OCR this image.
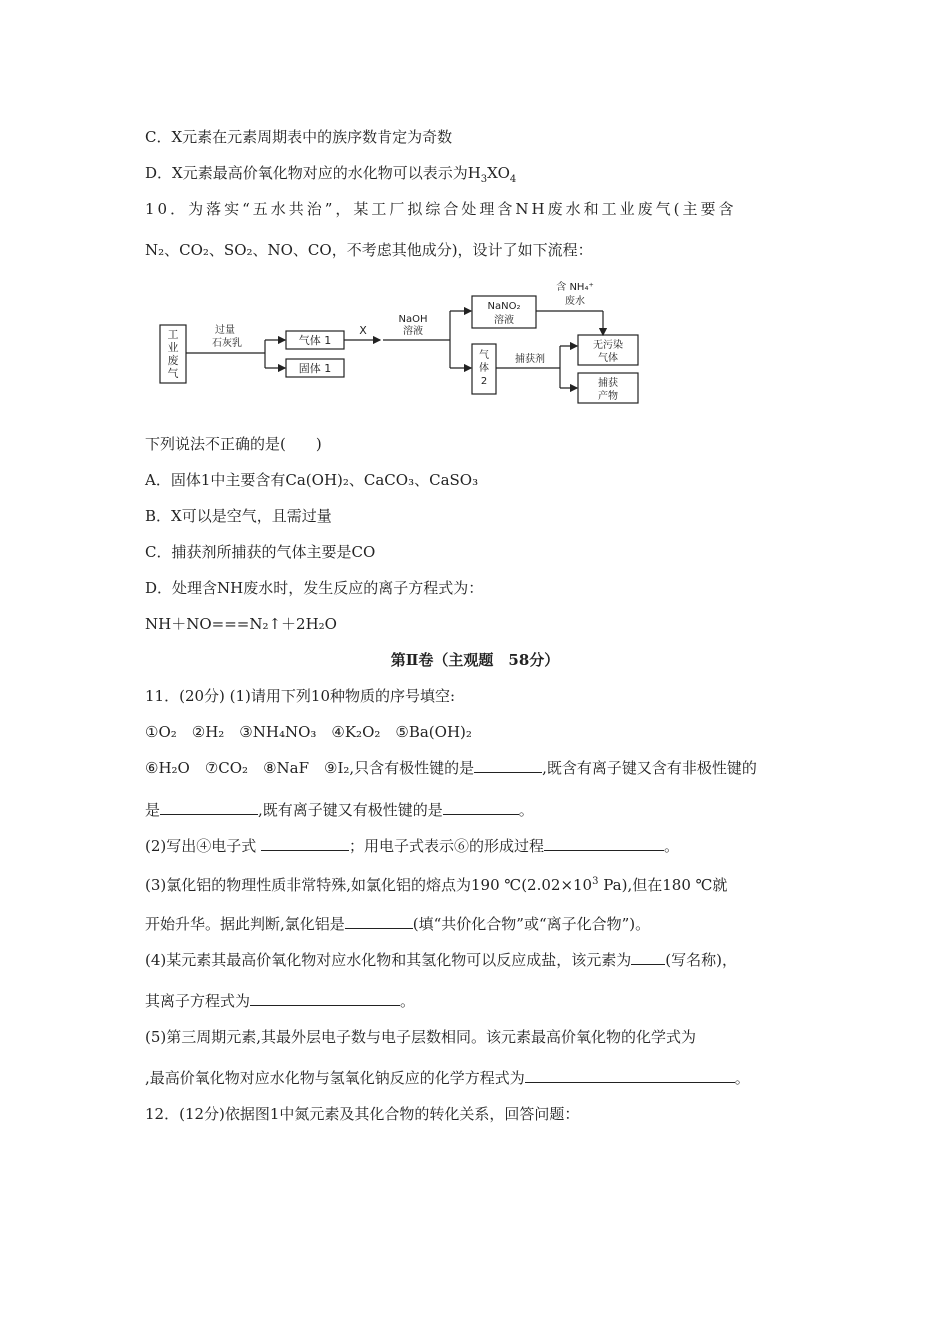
C．X元素在元素周期表中的族序数肯定为奇数
D．X元素最高价氧化物对应的水化物可以表示为$H_3XO_4$
10．为落实“五水共治”，某工厂拟综合处理含NH废水和工业废气(主要含
N₂、CO₂、SO₂、NO、CO，不考虑其他成分)，设计了如下流程：
工
业
废
气
过量
石灰乳	气体 1
固体 1
X
NaOH
溶液
NaNO₂
溶液
含 NH₄⁺
废水
气
体
2
捕获剂
无污染
气体
捕获
产物
下列说法不正确的是(　　)
A．固体1中主要含有Ca(OH)₂、CaCO₃、CaSO₃
B．X可以是空气，且需过量
C．捕获剂所捕获的气体主要是CO
D．处理含NH废水时，发生反应的离子方程式为：
NH＋NO===N₂↑＋2H₂O
第Ⅱ卷（主观题　58分）
11．(20分) (1)请用下列10种物质的序号填空:
①O₂　②H₂　③NH₄NO₃　④K₂O₂　⑤Ba(OH)₂
⑥H₂O　⑦CO₂　⑧NaF　⑨I₂,只含有极性键的是	,既含有离子键又含有非极性键的
是	,既有离子键又有极性键的是	。
(2)写出④电子式	；用电子式表示⑥的形成过程	。
(3)氯化铝的物理性质非常特殊,如氯化铝的熔点为190 $℃(2.02\times 10^3$ Pa),但在180 ℃就
开始升华。据此判断,氯化铝是	(填“共价化合物”或“离子化合物”)。
(4)某元素其最高价氧化物对应水化物和其氢化物可以反应成盐，该元素为 (写名称)，
其离子方程式为	。
(5)第三周期元素,其最外层电子数与电子层数相同。该元素最高价氧化物的化学式为
,最高价氧化物对应水化物与氢氧化钠反应的化学方程式为	。
12．(12分)依据图1中氮元素及其化合物的转化关系，回答问题：
